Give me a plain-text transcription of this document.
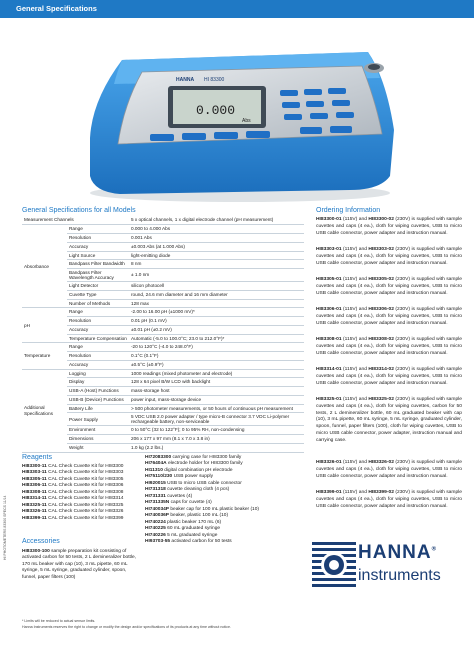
General Specifications
0.000
Abs
HANNA HI 83300
General Specifications for all Models
Measurement Channels		5 x optical channels, 1 x digital electrode channel (pH measurement)
Absorbance	Range	0.000 to 4.000 Abs
	Resolution	0.001 Abs
	Accuracy	±0.003 Abs (at 1.000 Abs)
	Light Source	light-emitting diode
	Bandpass Filter Bandwidth	8 nm
	Bandpass Filter Wavelength Accuracy	± 1.0 nm
	Light Detector	silicon photocell
	Cuvette Type	round, 24.6 mm diameter and 16 mm diameter
	Number of Methods	128 max
pH	Range	-2.00 to 16.00 pH (±1000 mV)*
	Resolution	0.01 pH (0.1 mV)
	Accuracy	±0.01 pH (±0.2 mV)
	Temperature Compensation	Automatic (-5.0 to 100.0°C; 23.0 to 212.0°F)*
Temperature	Range	-20 to 120°C (-4.0 to 248.0°F)
	Resolution	0.1°C (0.1°F)
	Accuracy	±0.5°C (±0.9°F)
Additional Specifications	Logging	1000 readings (mixed photometer and electrode)
	Display	128 x 64 pixel B/W LCD with backlight
	USB-A (Host) Functions	mass-storage host
	USB-B (Device) Functions	power input, mass-storage device
	Battery Life	> 500 photometer measurements, or 50 hours of continuous pH measurement
	Power Supply	5 VDC USB 2.0 power adapter / type micro-B connector 3.7 VDC Li-polymer rechargeable battery, non-serviceable
	Environment	0 to 50°C (32 to 122°F); 0 to 95% RH, non-condensing
	Dimensions	206 x 177 x 97 mm (8.1 x 7.0 x 3.8 in)
	Weight	1.0 kg (2.2 lbs.)
Ordering Information
HI83300-01 (115V) and HI83300-02 (230V) is supplied with sample cuvettes and caps (4 ea.), cloth for wiping cuvettes, USB to micro USB cable connector, power adapter and instruction manual.
HI83303-01 (115V) and HI83303-02 (230V) is supplied with sample cuvettes and caps (4 ea.), cloth for wiping cuvettes, USB to micro USB cable connector, power adapter and instruction manual.
HI83305-01 (115V) and HI83305-02 (230V) is supplied with sample cuvettes and caps (4 ea.), cloth for wiping cuvettes, USB to micro USB cable connector, power adapter and instruction manual.
HI83306-01 (115V) and HI83306-02 (230V) is supplied with sample cuvettes and caps (4 ea.), cloth for wiping cuvettes, USB to micro USB cable connector, power adapter and instruction manual.
HI83308-01 (115V) and HI83308-02 (230V) is supplied with sample cuvettes and caps (4 ea.), cloth for wiping cuvettes, USB to micro USB cable connector, power adapter and instruction manual.
HI83314-01 (115V) and HI83314-02 (230V) is supplied with sample cuvettes and caps (4 ea.), cloth for wiping cuvettes, USB to micro USB cable connector, power adapter and instruction manual.
HI83325-01 (115V) and HI83325-02 (230V) is supplied with sample cuvettes and caps (4 ea.), cloth for wiping cuvettes, carbon for 50 tests, 2 L demineralizer bottle, 60 mL graduated beaker with cap (10), 3 mL pipette, 60 mL syringe, 5 mL syringe, graduated cylinder, spoon, funnel, paper filters (100), cloth for wiping cuvettes, USB to micro USB cable connector, power adapter, instruction manual and carrying case.
HI83326-01 (115V) and HI83326-02 (230V) is supplied with sample cuvettes and caps (4 ea.), cloth for wiping cuvettes, USB to micro USB cable connector, power adapter and instruction manual.
HI83399-01 (115V) and HI83399-02 (230V) is supplied with sample cuvettes and caps (4 ea.), cloth for wiping cuvettes, USB to micro USB cable connector, power adapter and instruction manual.
Reagents
HI83300-11 CAL Check Cuvette Kit for HI83300
HI83303-11 CAL Check Cuvette Kit for HI83303
HI83305-11 CAL Check Cuvette Kit for HI83305
HI83306-11 CAL Check Cuvette Kit for HI83306
HI83308-11 CAL Check Cuvette Kit for HI83308
HI83314-11 CAL Check Cuvette Kit for HI83314
HI83325-11 CAL Check Cuvette Kit for HI83325
HI83326-11 CAL Check Cuvette Kit for HI83326
HI83399-11 CAL Check Cuvette Kit for HI83399
Accessories
HI83300-100 sample preparation kit consisting of activated carbon for 50 tests, 2 L demineralizer bottle, 170 mL beaker with cap (10), 3 mL pipette, 60 mL syringe, 5 mL syringe, graduated cylinder, spoon, funnel, paper filters (100)
HI72083300 carrying case for HI83300 family
HI76404A electrode holder for HI83300 family
HI11310 digital combination pH electrode
HI75110/230 USB power supply
HI920015 USB to micro USB cable connector
HI731318 cuvette cleaning cloth (4 pcs)
HI731331 cuvettes (4)
HI731335N caps for cuvette (4)
HI740034P beaker cap for 100 mL plastic beaker (10)
HI740036P beaker, plastic 100 mL (10)
HI740224 plastic beaker 170 mL (6)
HI740225 60 mL graduated syringe
HI740226 5 mL graduated syringe
HI93703-55 activated carbon for 50 tests
HI PHOTOMETERS 83300 SPECS 11/14
* Limits will be reduced to actual sensor limits.
Hanna Instruments reserves the right to change or modify the design and/or specifications of its products at any time without notice.
HANNA®
instruments
